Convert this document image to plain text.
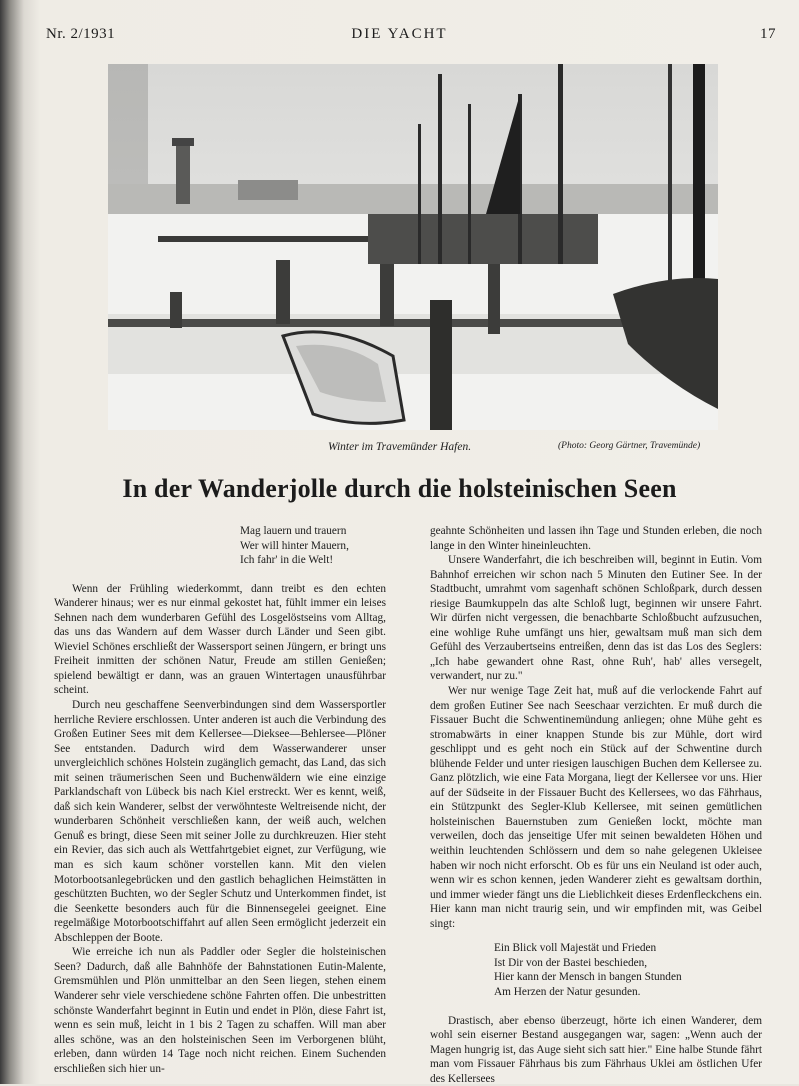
Nr. 2/1931	DIE YACHT	17
Winter im Travemünder Hafen.	(Photo: Georg Gärtner, Travemünde)
In der Wanderjolle durch die holsteinischen Seen
Mag lauern und trauern
Wer will hinter Mauern,
Ich fahr' in die Welt!

Wenn der Frühling wiederkommt, dann treibt es den echten Wanderer hinaus; wer es nur einmal gekostet hat, fühlt immer ein leises Sehnen nach dem wunderbaren Gefühl des Losgelöstseins vom Alltag, das uns das Wandern auf dem Wasser durch Länder und Seen gibt. Wieviel Schönes erschließt der Wassersport seinen Jüngern, er bringt uns Freiheit inmitten der schönen Natur, Freude am stillen Genießen; spielend bewältigt er dann, was an grauen Wintertagen unausführbar scheint.

Durch neu geschaffene Seenverbindungen sind dem Wassersportler herrliche Reviere erschlossen. Unter anderen ist auch die Verbindung des Großen Eutiner Sees mit dem Kellersee—Dieksee—Behlersee—Plöner See entstanden. Dadurch wird dem Wasserwanderer unser unvergleichlich schönes Holstein zugänglich gemacht, das Land, das sich mit seinen träumerischen Seen und Buchenwäldern wie eine einzige Parklandschaft von Lübeck bis nach Kiel erstreckt. Wer es kennt, weiß, daß sich kein Wanderer, selbst der verwöhnteste Weltreisende nicht, der wunderbaren Schönheit verschließen kann, der weiß auch, welchen Genuß es bringt, diese Seen mit seiner Jolle zu durchkreuzen. Hier steht ein Revier, das sich auch als Wettfahrtgebiet eignet, zur Verfügung, wie man es sich kaum schöner vorstellen kann. Mit den vielen Motorbootsanlegebrücken und den gastlich behaglichen Heimstätten in geschützten Buchten, wo der Segler Schutz und Unterkommen findet, ist die Seenkette besonders auch für die Binnensegelei geeignet. Eine regelmäßige Motorbootschiffahrt auf allen Seen ermöglicht jederzeit ein Abschleppen der Boote.

Wie erreiche ich nun als Paddler oder Segler die holsteinischen Seen? Dadurch, daß alle Bahnhöfe der Bahnstationen Eutin-Malente, Gremsmühlen und Plön unmittelbar an den Seen liegen, stehen einem Wanderer sehr viele verschiedene schöne Fahrten offen. Die unbestritten schönste Wanderfahrt beginnt in Eutin und endet in Plön, diese Fahrt ist, wenn es sein muß, leicht in 1 bis 2 Tagen zu schaffen. Will man aber alles schöne, was an den holsteinischen Seen im Verborgenen blüht, erleben, dann würden 14 Tage noch nicht reichen. Einem Suchenden erschließen sich hier un-

geahnte Schönheiten und lassen ihn Tage und Stunden erleben, die noch lange in den Winter hineinleuchten.

Unsere Wanderfahrt, die ich beschreiben will, beginnt in Eutin. Vom Bahnhof erreichen wir schon nach 5 Minuten den Eutiner See. In der Stadtbucht, umrahmt vom sagenhaft schönen Schloßpark, durch dessen riesige Baumkuppeln das alte Schloß lugt, beginnen wir unsere Fahrt. Wir dürfen nicht vergessen, die benachbarte Schloßbucht aufzusuchen, eine wohlige Ruhe umfängt uns hier, gewaltsam muß man sich dem Gefühl des Verzaubertseins entreißen, denn das ist das Los des Seglers: „Ich habe gewandert ohne Rast, ohne Ruh', hab' alles versegelt, verwandert, nur zu."

Wer nur wenige Tage Zeit hat, muß auf die verlockende Fahrt auf dem großen Eutiner See nach Seeschaar verzichten. Er muß durch die Fissauer Bucht die Schwentinemündung anliegen; ohne Mühe geht es stromabwärts in einer knappen Stunde bis zur Mühle, dort wird geschlippt und es geht noch ein Stück auf der Schwentine durch blühende Felder und unter riesigen lauschigen Buchen dem Kellersee zu. Ganz plötzlich, wie eine Fata Morgana, liegt der Kellersee vor uns. Hier auf der Südseite in der Fissauer Bucht des Kellersees, wo das Fährhaus, ein Stützpunkt des Segler-Klub Kellersee, mit seinen gemütlichen holsteinischen Bauernstuben zum Genießen lockt, möchte man verweilen, doch das jenseitige Ufer mit seinen bewaldeten Höhen und weithin leuchtenden Schlössern und dem so nahe gelegenen Ukleisee haben wir noch nicht erforscht. Ob es für uns ein Neuland ist oder auch, wenn wir es schon kennen, jeden Wanderer zieht es gewaltsam dorthin, und immer wieder fängt uns die Lieblichkeit dieses Erdenfleckchens ein. Hier kann man nicht traurig sein, und wir empfinden mit, was Geibel singt:

Ein Blick voll Majestät und Frieden
Ist Dir von der Bastei beschieden,
Hier kann der Mensch in bangen Stunden
Am Herzen der Natur gesunden.

Drastisch, aber ebenso überzeugt, hörte ich einen Wanderer, dem wohl sein eiserner Bestand ausgegangen war, sagen: „Wenn auch der Magen hungrig ist, das Auge sieht sich satt hier." Eine halbe Stunde fährt man vom Fissauer Fährhaus bis zum Fährhaus Uklei am östlichen Ufer des Kellersees
